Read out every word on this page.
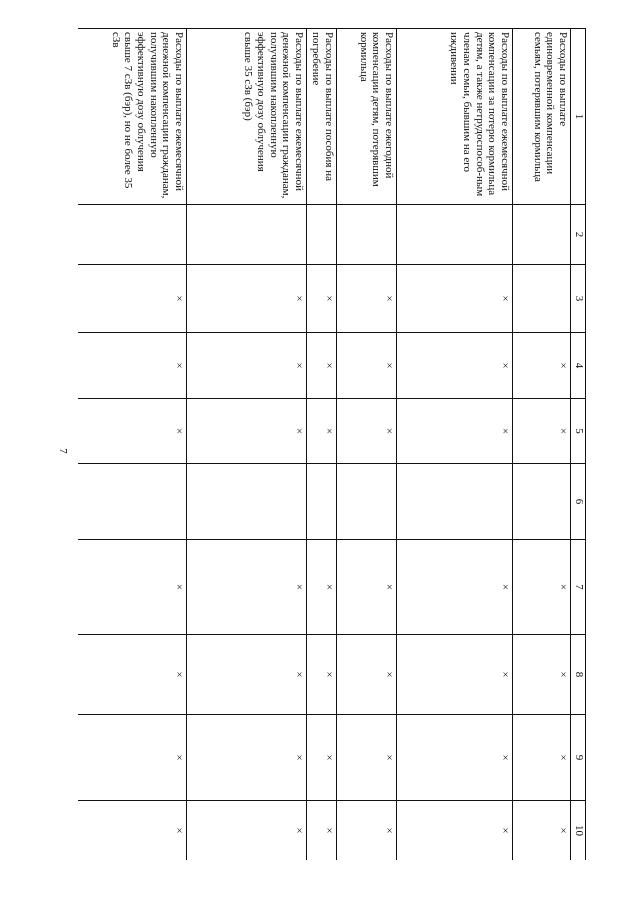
7
1	2	3	4	5	6	7	8	9	10
Расходы по выплате единовременной компенсации семьям, потерявшим кормильца			×	×		×	×	×	×
Расходы по выплате ежемесячной компенсации за потерю кормильца детям, а также нетрудоспособ-ным членам семьи, бывшим на его иждивении		×	×	×		×	×	×	×
Расходы по выплате ежегодной компенсации детям, потерявшим кормильца		×	×	×		×	×	×	×
Расходы по выплате пособия на погребение		×	×	×		×	×	×	×
Расходы по выплате ежемесячной денежной компенсации гражданам, получившим накопленную эффективную дозу облучения свыше 35 сЗв (бэр)		×	×	×		×	×	×	×
Расходы по выплате ежемесячной денежной компенсации гражданам, получившим накопленную эффективную дозу облучения свыше 7 сЗв (бэр), но не более 35 сЗв		×	×	×		×	×	×	×
